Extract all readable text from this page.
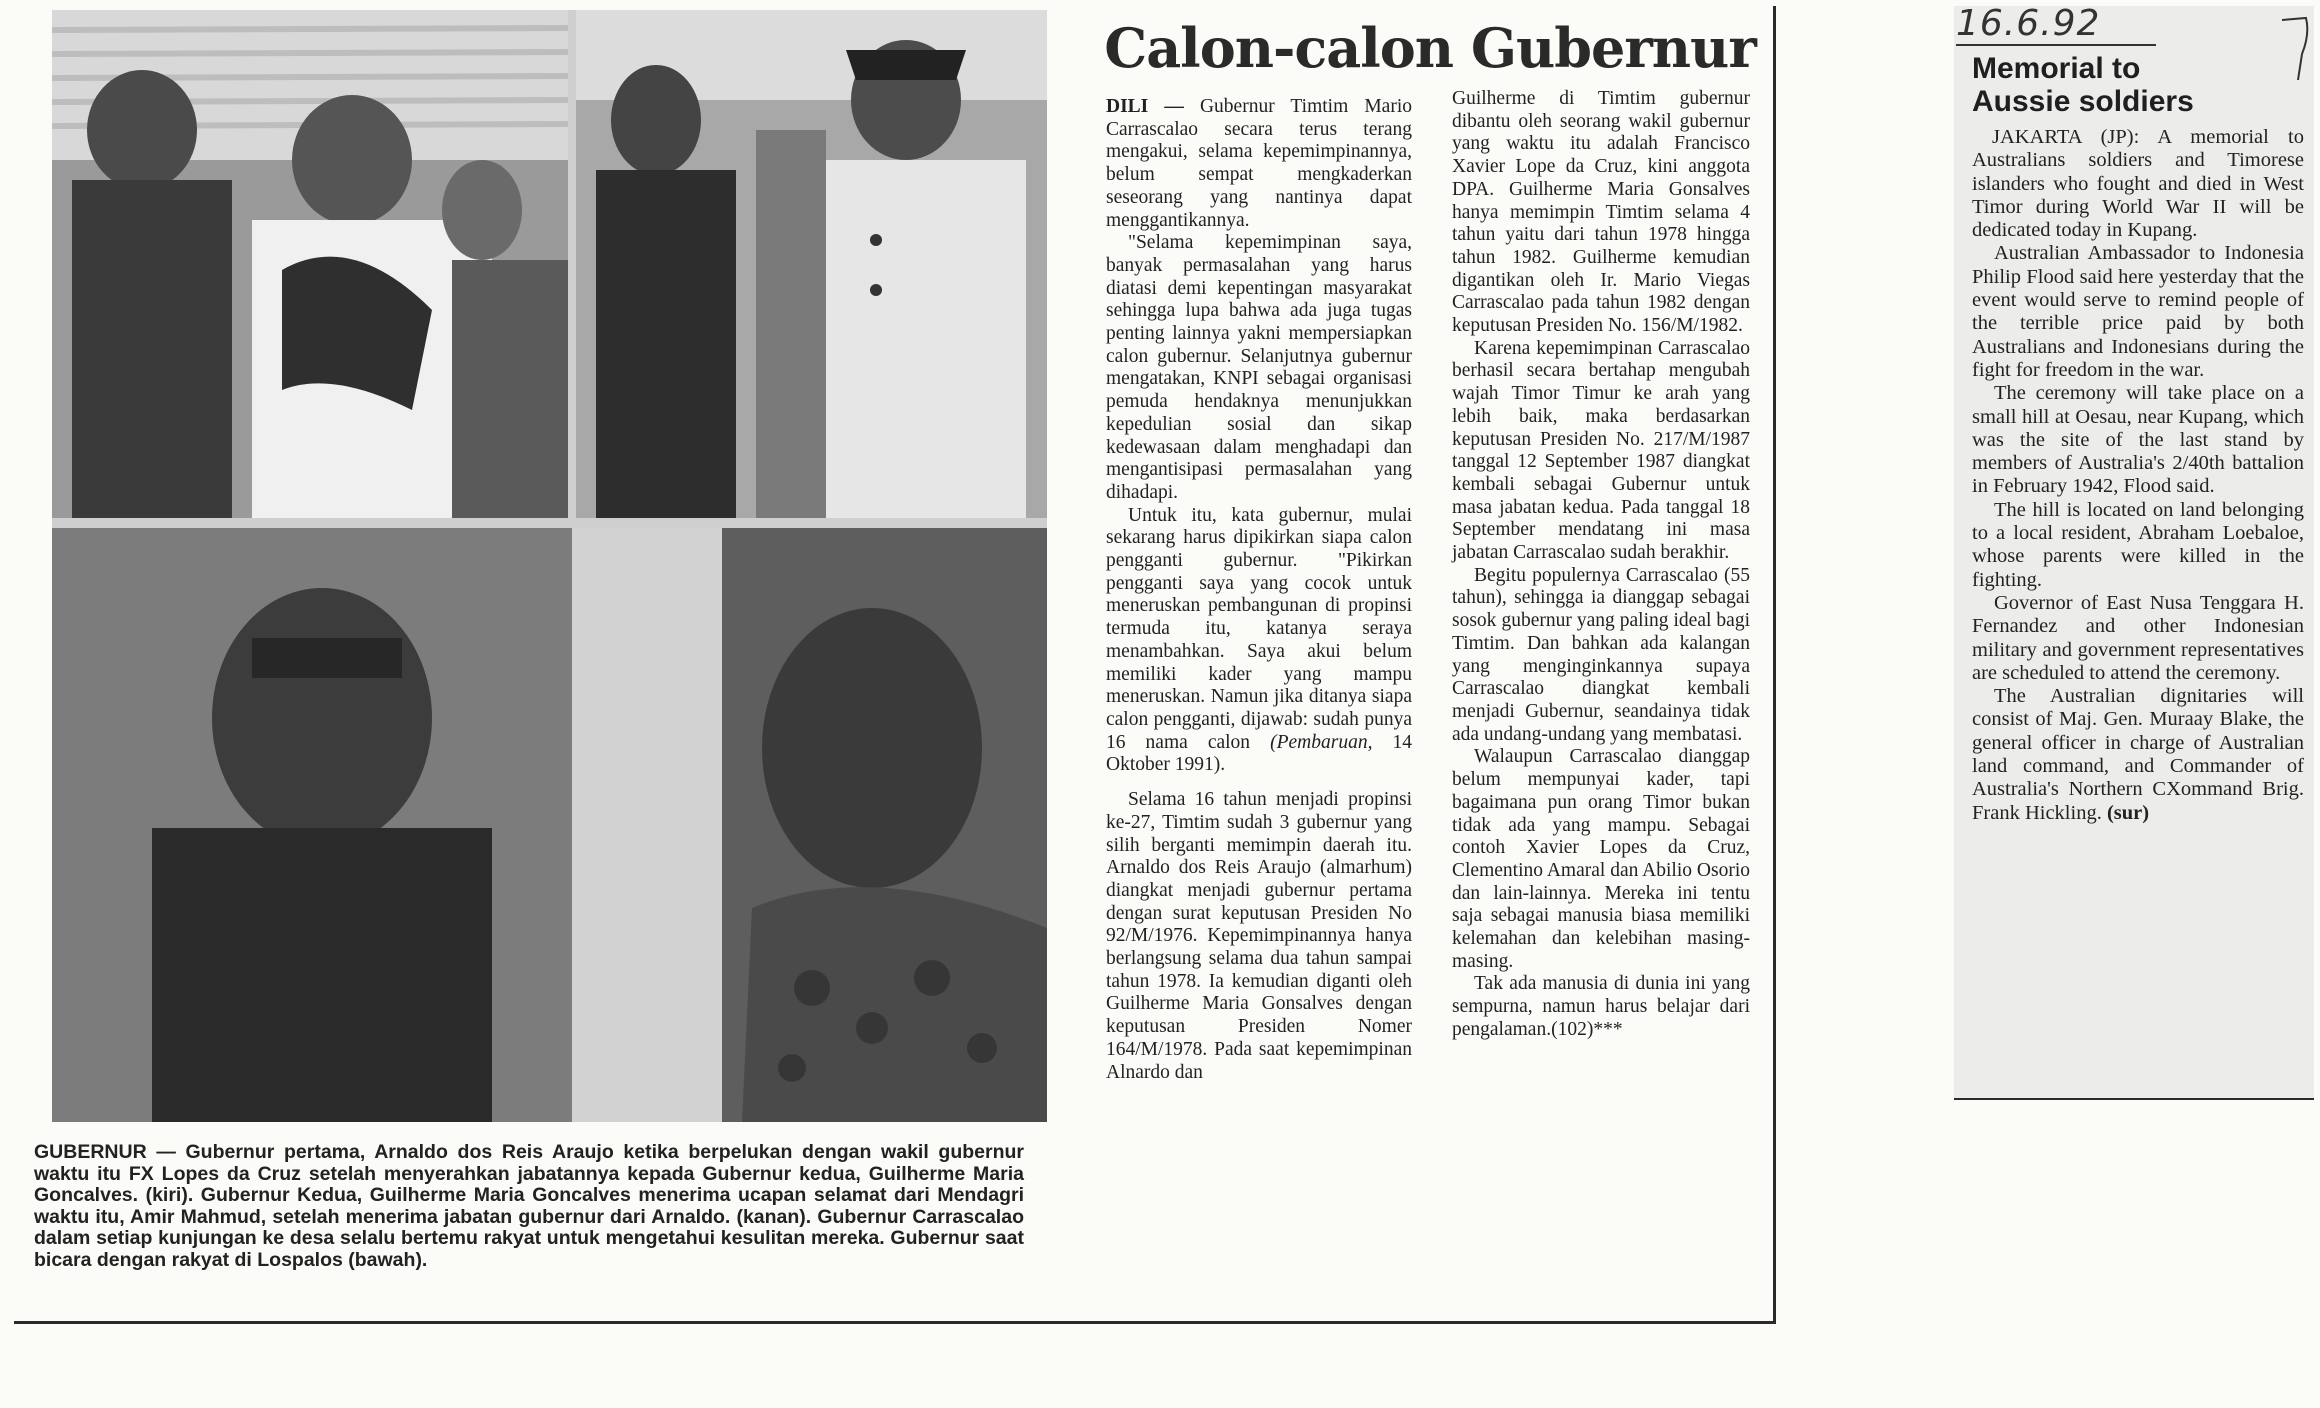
GUBERNUR — Gubernur pertama, Arnaldo dos Reis Araujo ketika berpelukan dengan wakil gubernur waktu itu FX Lopes da Cruz setelah menyerahkan jabatannya kepada Gubernur kedua, Guilherme Maria Goncalves. (kiri). Gubernur Kedua, Guilherme Maria Goncalves menerima ucapan selamat dari Mendagri waktu itu, Amir Mahmud, setelah menerima jabatan gubernur dari Arnaldo. (kanan). Gubernur Carrascalao dalam setiap kunjungan ke desa selalu bertemu rakyat untuk mengetahui kesulitan mereka. Gubernur saat bicara dengan rakyat di Lospalos (bawah).
Calon-calon Gubernur

DILI — Gubernur Timtim Mario Carrascalao secara terus terang mengakui, selama kepemimpinannya, belum sempat mengkaderkan seseorang yang nantinya dapat menggantikannya.

"Selama kepemimpinan saya, banyak permasalahan yang harus diatasi demi kepentingan masyarakat sehingga lupa bahwa ada juga tugas penting lainnya yakni mempersiapkan calon gubernur. Selanjutnya gubernur mengatakan, KNPI sebagai organisasi pemuda hendaknya menunjukkan kepedulian sosial dan sikap kedewasaan dalam menghadapi dan mengantisipasi permasalahan yang dihadapi.

Untuk itu, kata gubernur, mulai sekarang harus dipikirkan siapa calon pengganti gubernur. "Pikirkan pengganti saya yang cocok untuk meneruskan pembangunan di propinsi termuda itu, katanya seraya menambahkan. Saya akui belum memiliki kader yang mampu meneruskan. Namun jika ditanya siapa calon pengganti, dijawab: sudah punya 16 nama calon (Pembaruan, 14 Oktober 1991).

Selama 16 tahun menjadi propinsi ke-27, Timtim sudah 3 gubernur yang silih berganti memimpin daerah itu. Arnaldo dos Reis Araujo (almarhum) diangkat menjadi gubernur pertama dengan surat keputusan Presiden No 92/M/1976. Kepemimpinannya hanya berlangsung selama dua tahun sampai tahun 1978. Ia kemudian diganti oleh Guilherme Maria Gonsalves dengan keputusan Presiden Nomer 164/M/1978. Pada saat kepemimpinan Alnardo dan

Guilherme di Timtim gubernur dibantu oleh seorang wakil gubernur yang waktu itu adalah Francisco Xavier Lope da Cruz, kini anggota DPA. Guilherme Maria Gonsalves hanya memimpin Timtim selama 4 tahun yaitu dari tahun 1978 hingga tahun 1982. Guilherme kemudian digantikan oleh Ir. Mario Viegas Carrascalao pada tahun 1982 dengan keputusan Presiden No. 156/M/1982.

Karena kepemimpinan Carrascalao berhasil secara bertahap mengubah wajah Timor Timur ke arah yang lebih baik, maka berdasarkan keputusan Presiden No. 217/M/1987 tanggal 12 September 1987 diangkat kembali sebagai Gubernur untuk masa jabatan kedua. Pada tanggal 18 September mendatang ini masa jabatan Carrascalao sudah berakhir.

Begitu populernya Carrascalao (55 tahun), sehingga ia dianggap sebagai sosok gubernur yang paling ideal bagi Timtim. Dan bahkan ada kalangan yang menginginkannya supaya Carrascalao diangkat kembali menjadi Gubernur, seandainya tidak ada undang-undang yang membatasi.

Walaupun Carrascalao dianggap belum mempunyai kader, tapi bagaimana pun orang Timor bukan tidak ada yang mampu. Sebagai contoh Xavier Lopes da Cruz, Clementino Amaral dan Abilio Osorio dan lain-lainnya. Mereka ini tentu saja sebagai manusia biasa memiliki kelemahan dan kelebihan masing-masing.

Tak ada manusia di dunia ini yang sempurna, namun harus belajar dari pengalaman.(102)***

16.6.92
Memorial to
Aussie soldiers

JAKARTA (JP): A memorial to Australians soldiers and Timorese islanders who fought and died in West Timor during World War II will be dedicated today in Kupang.

Australian Ambassador to Indonesia Philip Flood said here yesterday that the event would serve to remind people of the terrible price paid by both Australians and Indonesians during the fight for freedom in the war.

The ceremony will take place on a small hill at Oesau, near Kupang, which was the site of the last stand by members of Australia's 2/40th battalion in February 1942, Flood said.

The hill is located on land belonging to a local resident, Abraham Loebaloe, whose parents were killed in the fighting.

Governor of East Nusa Tenggara H. Fernandez and other Indonesian military and government representatives are scheduled to attend the ceremony.

The Australian dignitaries will consist of Maj. Gen. Muraay Blake, the general officer in charge of Australian land command, and Commander of Australia's Northern CXommand Brig. Frank Hickling. (sur)
